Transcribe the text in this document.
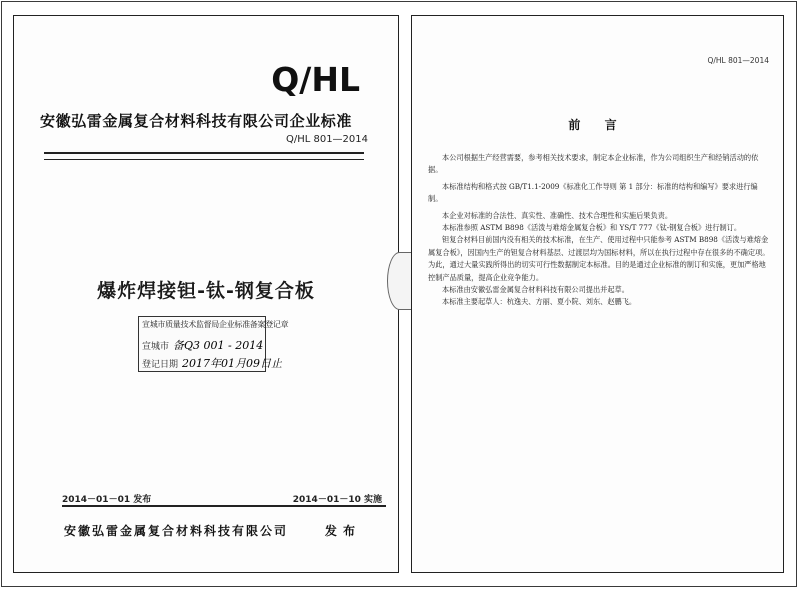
Q/HL
安徽弘雷金属复合材料科技有限公司企业标准
Q/HL 801—2014
爆炸焊接钽-钛-钢复合板
宣城市质量技术监督局企业标准备案登记章
宣城市 备Q3 001 - 2014
登记日期 2017年01月09日止
2014－01－01 发布	2014－01－10 实施
安徽弘雷金属复合材料科技有限公司	发 布
Q/HL 801—2014
前 言

本公司根据生产经营需要，参考相关技术要求，制定本企业标准，作为公司组织生产和经销活动的依据。

本标准结构和格式按 GB/T1.1-2009《标准化工作导则 第 1 部分：标准的结构和编写》要求进行编制。

本企业对标准的合法性、真实性、准确性、技术合理性和实施后果负责。

本标准参照 ASTM B898《活泼与难熔金属复合板》和 YS/T 777《钛-钢复合板》进行制订。

钽复合材料目前国内没有相关的技术标准，在生产、使用过程中只能参考 ASTM B898《活泼与难熔金属复合板》，因国内生产的钽复合材料基层、过渡层均为国标材料，所以在执行过程中存在很多的不确定项。为此，通过大量实践所得出的切实可行性数据制定本标准。目的是通过企业标准的制订和实施，更加严格地控制产品质量，提高企业竞争能力。

本标准由安徽弘雷金属复合材料科技有限公司提出并起草。

本标准主要起草人：杭逸夫、方丽、夏小院、刘东、赵鹏飞。
